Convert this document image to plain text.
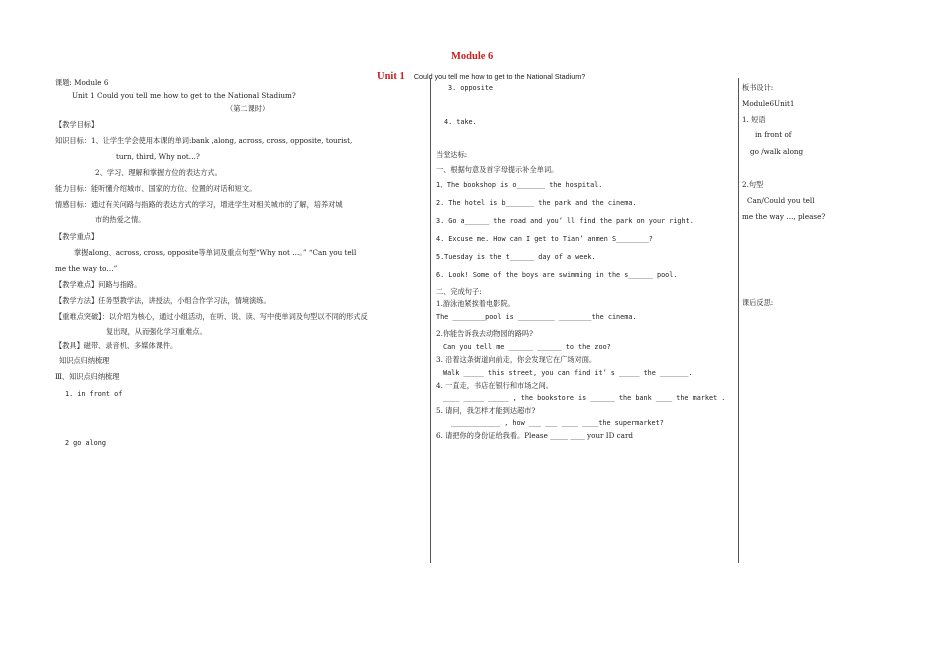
Module 6
Unit 1 Could you tell me how to get to the National Stadium?
课题: Module 6
Unit 1 Could you tell me how to get to the National Stadium?
（第二课时）
【教学目标】
知识目标：1、让学生学会使用本课的单词:bank ,along, across, cross, opposite, tourist,
turn, third, Why not…?
2、学习、理解和掌握方位的表达方式。
能力目标：能听懂介绍城市、国家的方位、位置的对话和短文。
情感目标：通过有关问路与指路的表达方式的学习，增进学生对相关城市的了解，培养对城
市的热爱之情。
【教学重点】
掌握along、across, cross, opposite等单词及重点句型“Why not …。” “Can you tell
me the way to…”
【教学难点】问路与指路。
【教学方法】任务型教学法，讲授法，小组合作学习法，情境演练。
【重难点突破】：以介绍为核心，通过小组活动，在听、说、读、写中使单词及句型以不同的形式反
复出现，从而强化学习重难点。
【教具】磁带、录音机、多媒体课件。
知识点归纳梳理
Ⅲ、知识点归纳梳理
1. in front of
2 go along
3. opposite
4. take.
当堂达标:
一、根据句意及首字母提示补全单词。
1、The bookshop is o_______ the hospital.
2. The hotel is b_______ the park and the cinema.
3. Go a______ the road and you’ ll find the park on your right.
4. Excuse me. How can I get to Tian’ anmen S________?
5.Tuesday is the t______ day of a week.
6. Look! Some of the boys are swimming in the s______ pool.
二、完成句子:
1.游泳池紧挨着电影院。
The ________pool is _________ ________the cinema.
2.你能告诉我去动物园的路吗?
Can you tell me ______ ______ to the zoo?
3. 沿着这条街道向前走，你会发现它在广场对面。
Walk _____ this street, you can find it’ s _____ the _______.
4. 一直走，书店在银行和市场之间。
____ _____ _____ , the bookstore is ______ the bank ____ the market .
5. 请问，我怎样才能到达超市?
____________ , how ___ ___ ____ ____the supermarket?
6. 请把你的身份证给我看。Please _____ ____ your ID card
板书设计:
Module6Unit1
1. 短语
in front of
go /walk along
2.句型
Can/Could you tell
me the way …, please?
课后反思:
